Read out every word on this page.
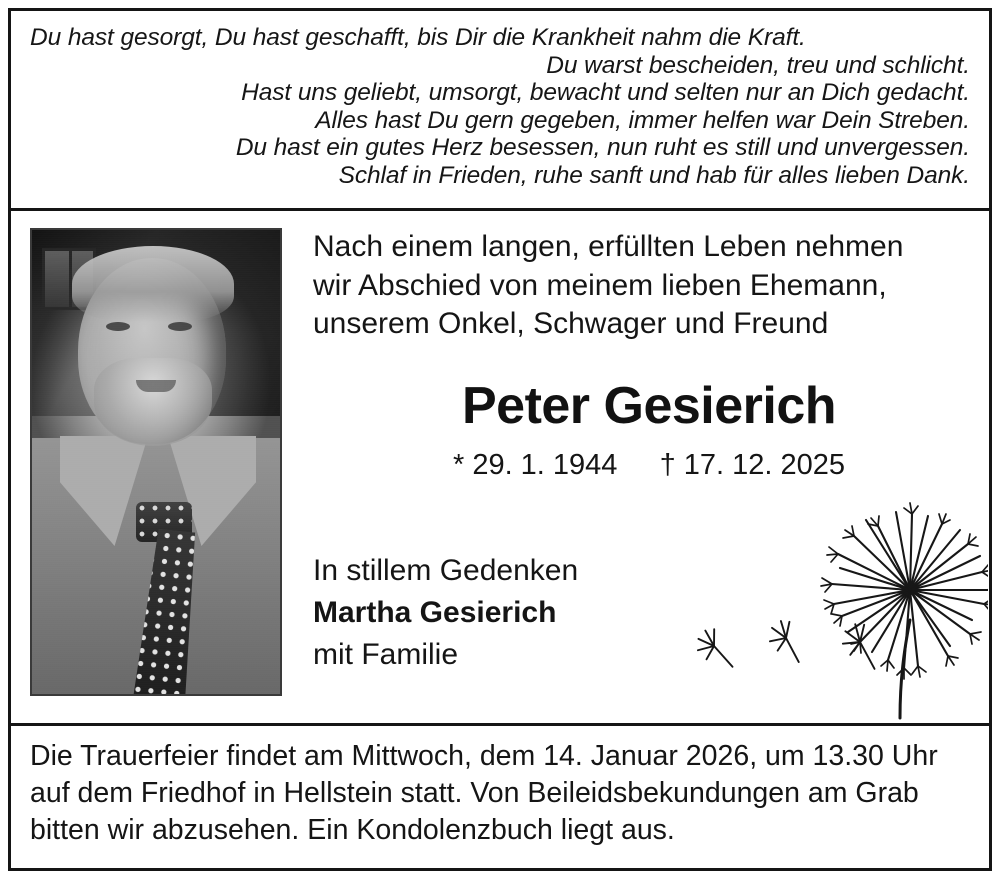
Du hast gesorgt, Du hast geschafft, bis Dir die Krankheit nahm die Kraft.
Du warst bescheiden, treu und schlicht.
Hast uns geliebt, umsorgt, bewacht und selten nur an Dich gedacht.
Alles hast Du gern gegeben, immer helfen war Dein Streben.
Du hast ein gutes Herz besessen, nun ruht es still und unvergessen.
Schlaf in Frieden, ruhe sanft und hab für alles lieben Dank.
Nach einem langen, erfüllten Leben nehmen
wir Abschied von meinem lieben Ehemann,
unserem Onkel, Schwager und Freund
Peter Gesierich
* 29. 1. 1944 † 17. 12. 2025
In stillem Gedenken
Martha Gesierich
mit Familie
Die Trauerfeier findet am Mittwoch, dem 14. Januar 2026, um 13.30 Uhr
auf dem Friedhof in Hellstein statt. Von Beileidsbekundungen am Grab
bitten wir abzusehen. Ein Kondolenzbuch liegt aus.
